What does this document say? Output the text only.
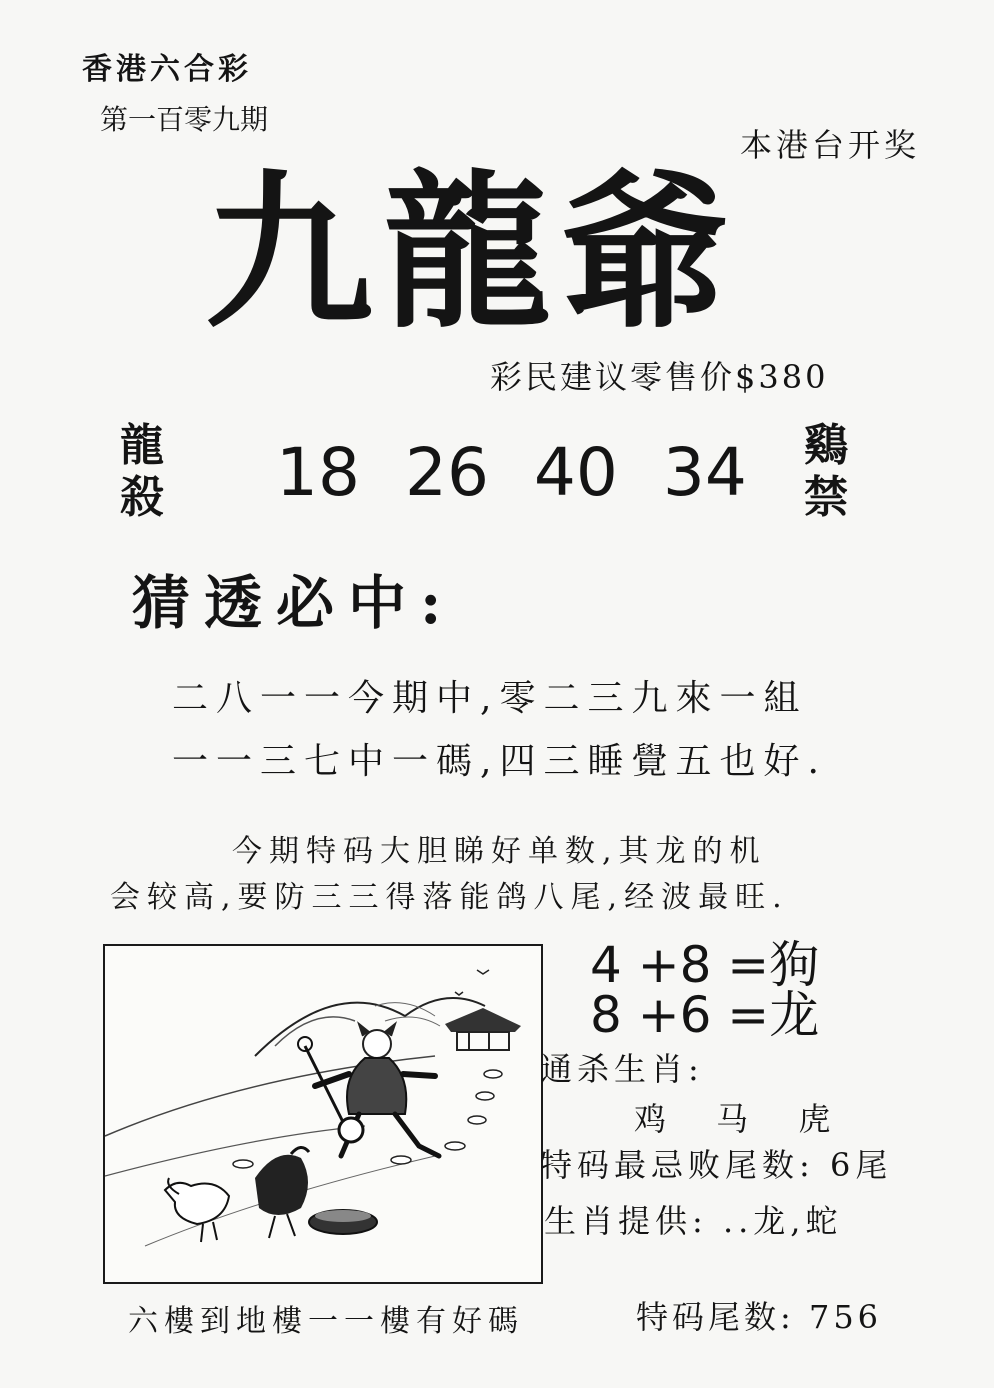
香港六合彩
第一百零九期
本港台开奖
九龍爺
彩民建议零售价$380
龍
殺 18 26 40 34 鷄
禁
猜透必中:
二八一一今期中,零二三九來一組
一一三七中一碼,四三睡覺五也好.
今期特码大胆睇好单数,其龙的机
会较高,要防三三得落能鸽八尾,经波最旺.
4 +8 =狗
8 +6 =龙
通杀生肖:
鸡 马 虎
特码最忌败尾数: 6尾
生肖提供: ..龙,蛇
六樓到地樓一一樓有好碼	特码尾数: 756
